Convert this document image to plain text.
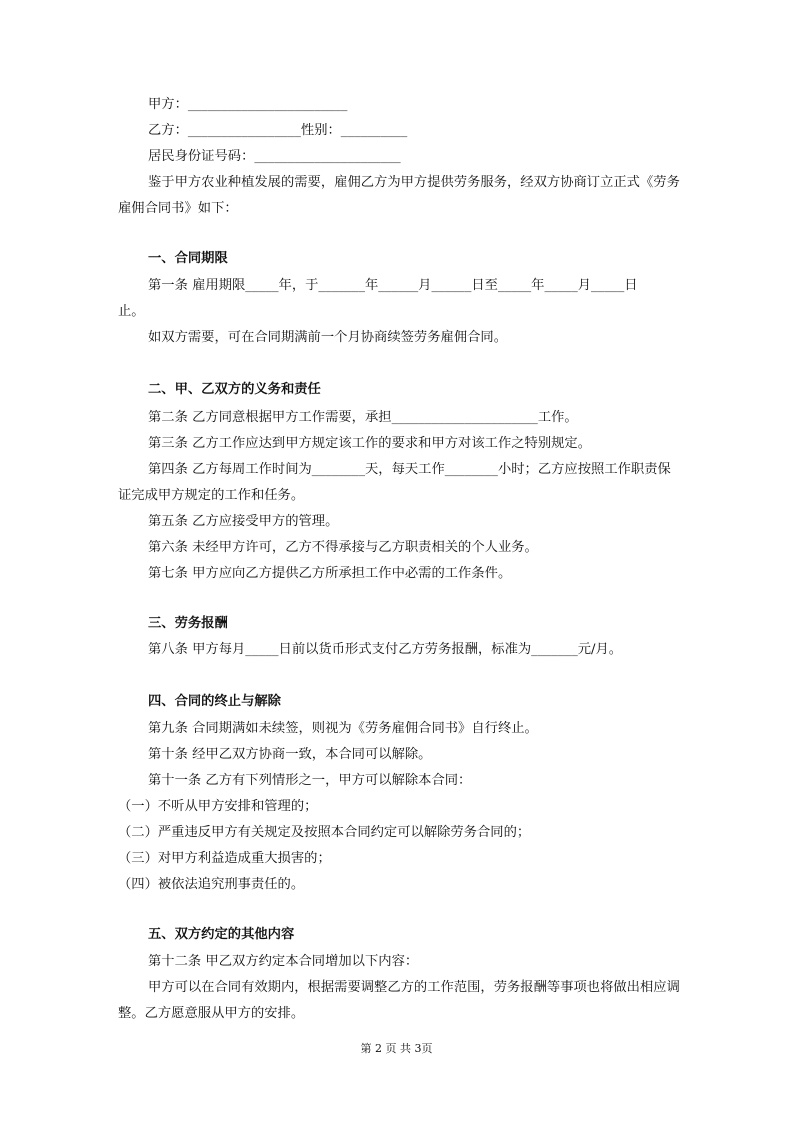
甲方：________________________
乙方：_________________性别：__________
居民身份证号码：______________________
鉴于甲方农业种植发展的需要，雇佣乙方为甲方提供劳务服务，经双方协商订立正式《劳务
雇佣合同书》如下：
一、合同期限
第一条 雇用期限_____年，于_______年______月______日至_____年_____月_____日
止。
如双方需要，可在合同期满前一个月协商续签劳务雇佣合同。
二、甲、乙双方的义务和责任
第二条 乙方同意根据甲方工作需要，承担______________________工作。
第三条 乙方工作应达到甲方规定该工作的要求和甲方对该工作之特别规定。
第四条 乙方每周工作时间为________天，每天工作________小时；乙方应按照工作职责保
证完成甲方规定的工作和任务。
第五条 乙方应接受甲方的管理。
第六条 未经甲方许可，乙方不得承接与乙方职责相关的个人业务。
第七条 甲方应向乙方提供乙方所承担工作中必需的工作条件。
三、劳务报酬
第八条 甲方每月_____日前以货币形式支付乙方劳务报酬，标准为_______元/月。
四、合同的终止与解除
第九条 合同期满如未续签，则视为《劳务雇佣合同书》自行终止。
第十条 经甲乙双方协商一致，本合同可以解除。
第十一条 乙方有下列情形之一，甲方可以解除本合同：
（一）不听从甲方安排和管理的；
（二）严重违反甲方有关规定及按照本合同约定可以解除劳务合同的；
（三）对甲方利益造成重大损害的；
（四）被依法追究刑事责任的。
五、双方约定的其他内容
第十二条 甲乙双方约定本合同增加以下内容：
甲方可以在合同有效期内，根据需要调整乙方的工作范围，劳务报酬等事项也将做出相应调
整。乙方愿意服从甲方的安排。
第 2 页 共 3页
